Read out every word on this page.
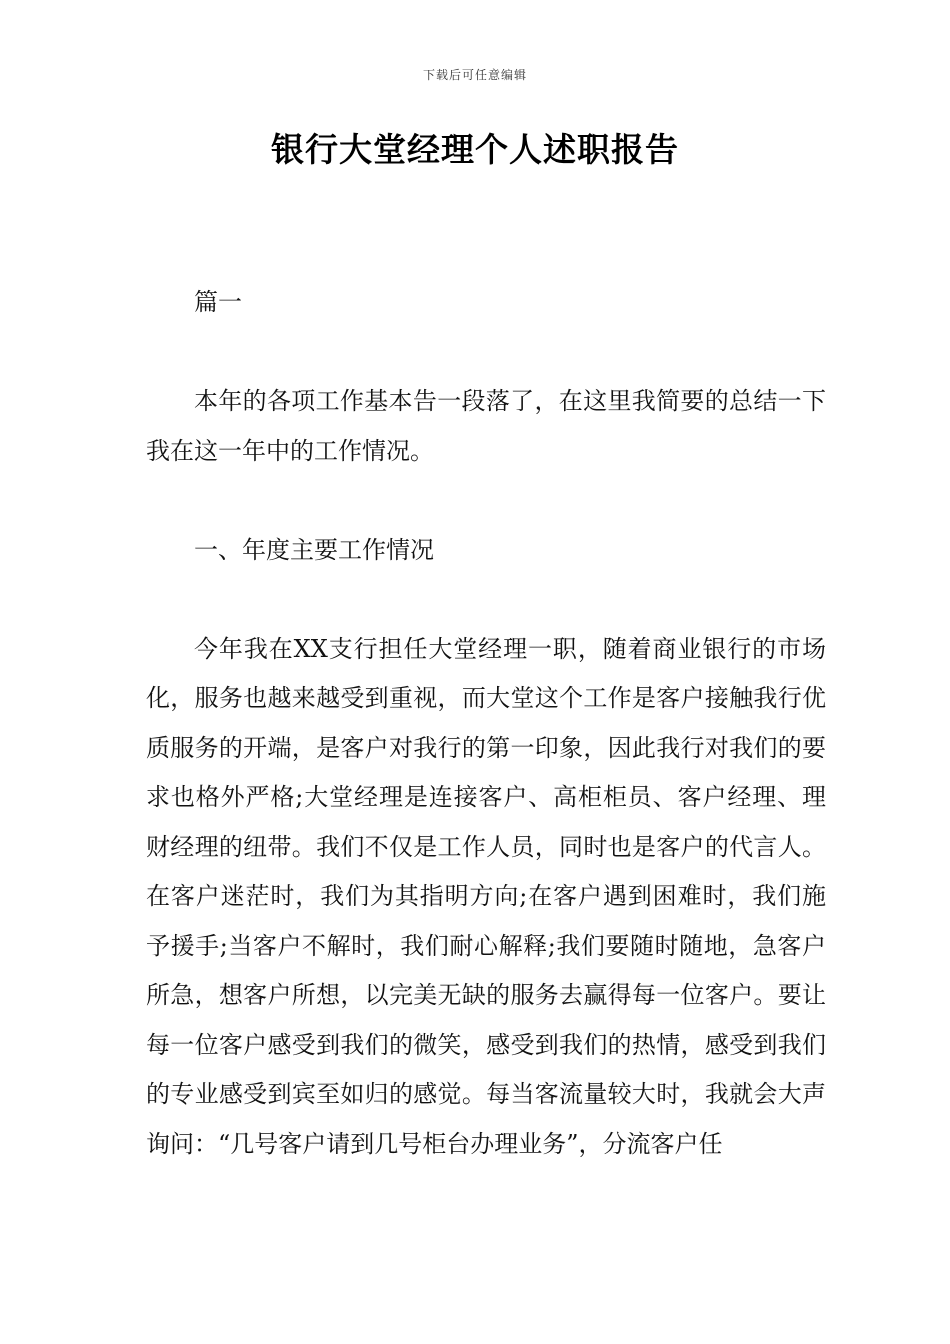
下载后可任意编辑
银行大堂经理个人述职报告

篇一

本年的各项工作基本告一段落了，在这里我简要的总结一下我在这一年中的工作情况。

一、年度主要工作情况

今年我在XX支行担任大堂经理一职，随着商业银行的市场化，服务也越来越受到重视，而大堂这个工作是客户接触我行优质服务的开端，是客户对我行的第一印象，因此我行对我们的要求也格外严格;大堂经理是连接客户、高柜柜员、客户经理、理财经理的纽带。我们不仅是工作人员，同时也是客户的代言人。在客户迷茫时，我们为其指明方向;在客户遇到困难时，我们施予援手;当客户不解时，我们耐心解释;我们要随时随地，急客户所急，想客户所想，以完美无缺的服务去赢得每一位客户。要让每一位客户感受到我们的微笑，感受到我们的热情，感受到我们的专业感受到宾至如归的感觉。每当客流量较大时，我就会大声询问：“几号客户请到几号柜台办理业务”，分流客户任
